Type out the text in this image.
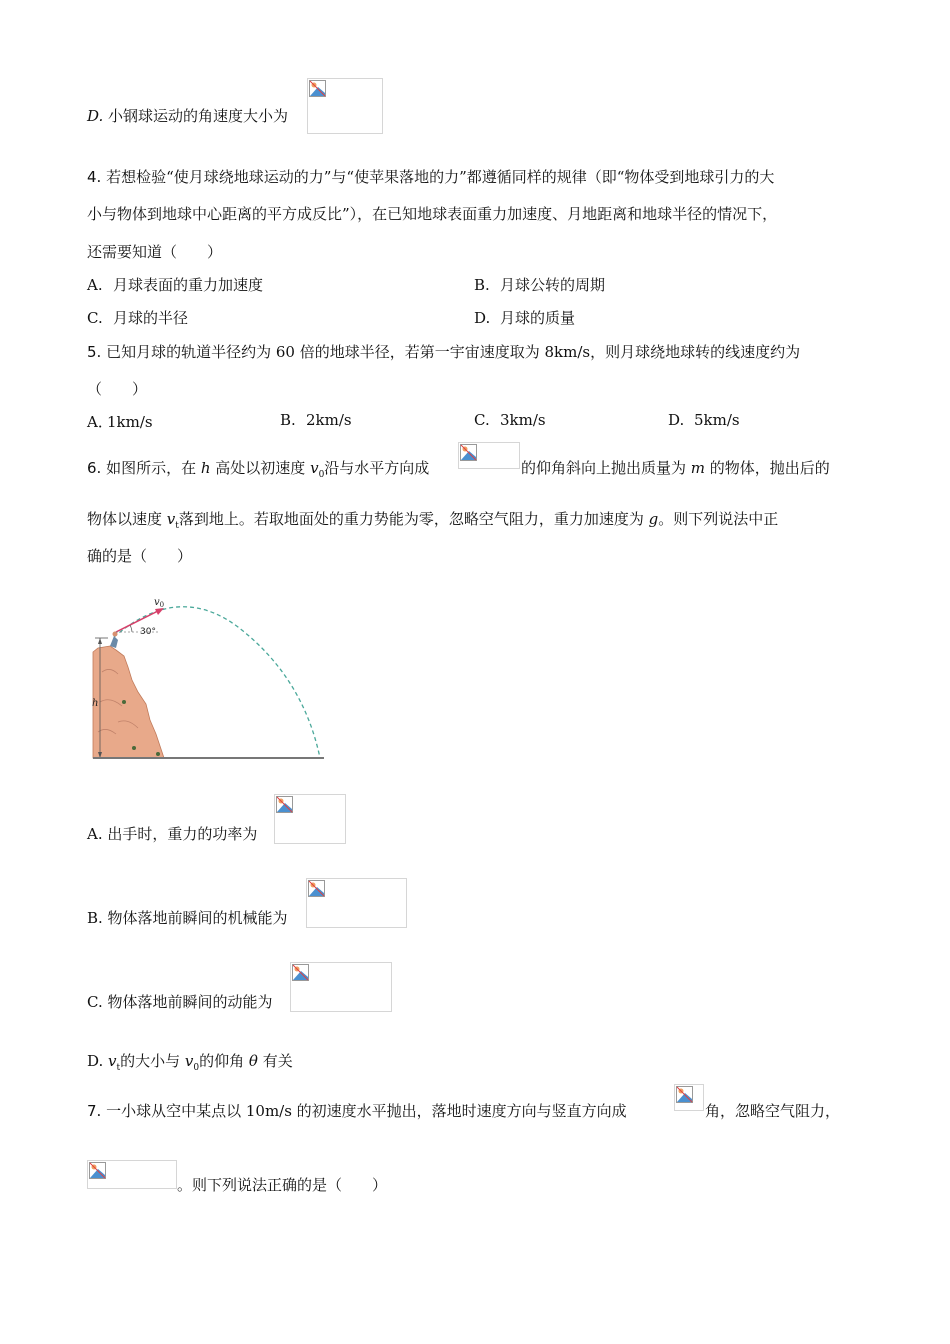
D. 小钢球运动的角速度大小为
4. 若想检验“使月球绕地球运动的力”与“使苹果落地的力”都遵循同样的规律（即“物体受到地球引力的大
小与物体到地球中心距离的平方成反比”），在已知地球表面重力加速度、月地距离和地球半径的情况下，
还需要知道（　　）
A. 月球表面的重力加速度	B. 月球公转的周期
C. 月球的半径	D. 月球的质量
5. 已知月球的轨道半径约为 60 倍的地球半径，若第一宇宙速度取为 8km/s，则月球绕地球转的线速度约为
（　　）
A．1km/s	B. 2km/s	C. 3km/s	D. 5km/s
6. 如图所示，在 h 高处以初速度 $v_0$沿与水平方向成	的仰角斜向上抛出质量为 m 的物体，抛出后的
物体以速度 $v_t$落到地上。若取地面处的重力势能为零，忽略空气阻力，重力加速度为 g。则下列说法中正
确的是（　　）
h
$v_0$
30°
A. 出手时，重力的功率为
B. 物体落地前瞬间的机械能为
C. 物体落地前瞬间的动能为
D. $v_t$的大小与 $v_0$的仰角 θ 有关
7. 一小球从空中某点以 10m/s 的初速度水平抛出，落地时速度方向与竖直方向成	角，忽略空气阻力，
。则下列说法正确的是（　　）
